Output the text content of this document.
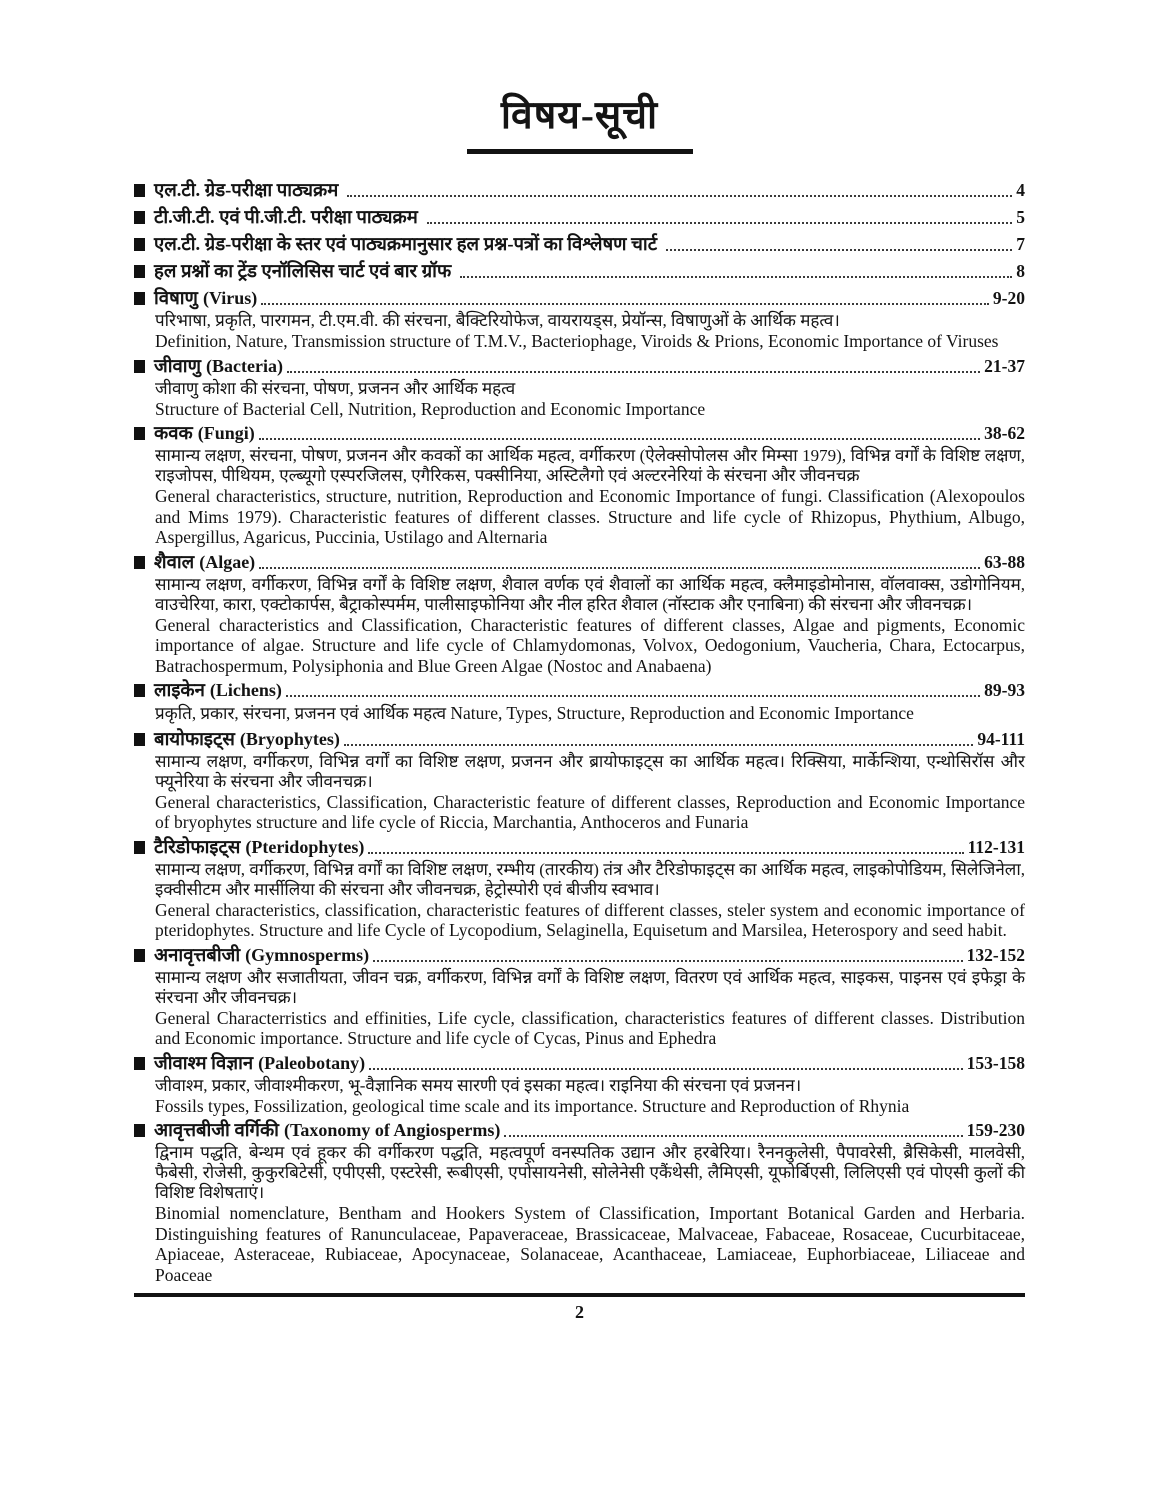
विषय-सूची
एल.टी. ग्रेड-परीक्षा पाठ्यक्रम	4
टी.जी.टी. एवं पी.जी.टी. परीक्षा पाठ्यक्रम	5
एल.टी. ग्रेड-परीक्षा के स्तर एवं पाठ्यक्रमानुसार हल प्रश्न-पत्रों का विश्लेषण चार्ट	7
हल प्रश्नों का ट्रेंड एनॉलिसिस चार्ट एवं बार ग्रॉफ	8
विषाणु (Virus)	9-20

परिभाषा, प्रकृति, पारगमन, टी.एम.वी. की संरचना, बैक्टिरियोफेज, वायरायड्स, प्रेयॉन्स, विषाणुओं के आर्थिक महत्व।

Definition, Nature, Transmission structure of T.M.V., Bacteriophage, Viroids & Prions, Economic Importance of Viruses

जीवाणु (Bacteria)	21-37

जीवाणु कोशा की संरचना, पोषण, प्रजनन और आर्थिक महत्व

Structure of Bacterial Cell, Nutrition, Reproduction and Economic Importance

कवक (Fungi)	38-62

सामान्य लक्षण, संरचना, पोषण, प्रजनन और कवकों का आर्थिक महत्व, वर्गीकरण (ऐलेक्सोपोलस और मिम्सा 1979), विभिन्न वर्गों के विशिष्ट लक्षण, राइजोपस, पीथियम, एल्ब्यूगो एस्परजिलस, एगैरिकस, पक्सीनिया, अस्टिलैगो एवं अल्टरनेरियां के संरचना और जीवनचक्र

General characteristics, structure, nutrition, Reproduction and Economic Importance of fungi. Classification (Alexopoulos and Mims 1979). Characteristic features of different classes. Structure and life cycle of Rhizopus, Phythium, Albugo, Aspergillus, Agaricus, Puccinia, Ustilago and Alternaria

शैवाल (Algae)	63-88

सामान्य लक्षण, वर्गीकरण, विभिन्न वर्गों के विशिष्ट लक्षण, शैवाल वर्णक एवं शैवालों का आर्थिक महत्व, क्लैमाइडोमोनास, वॉलवाक्स, उडोगोनियम, वाउचेरिया, कारा, एक्टोकार्पस, बैट्राकोस्पर्मम, पालीसाइफोनिया और नील हरित शैवाल (नॉस्टाक और एनाबिना) की संरचना और जीवनचक्र।

General characteristics and Classification, Characteristic features of different classes, Algae and pigments, Economic importance of algae. Structure and life cycle of Chlamydomonas, Volvox, Oedogonium, Vaucheria, Chara, Ectocarpus, Batrachospermum, Polysiphonia and Blue Green Algae (Nostoc and Anabaena)

लाइकेन (Lichens)	89-93

प्रकृति, प्रकार, संरचना, प्रजनन एवं आर्थिक महत्व Nature, Types, Structure, Reproduction and Economic Importance

बायोफाइट्स (Bryophytes)	94-111

सामान्य लक्षण, वर्गीकरण, विभिन्न वर्गों का विशिष्ट लक्षण, प्रजनन और ब्रायोफाइट्स का आर्थिक महत्व। रिक्सिया, मार्केन्शिया, एन्थोसिरॉस और फ्यूनेरिया के संरचना और जीवनचक्र।

General characteristics, Classification, Characteristic feature of different classes, Reproduction and Economic Importance of bryophytes structure and life cycle of Riccia, Marchantia, Anthoceros and Funaria

टैरिडोफाइट्स (Pteridophytes)	112-131

सामान्य लक्षण, वर्गीकरण, विभिन्न वर्गों का विशिष्ट लक्षण, रम्भीय (तारकीय) तंत्र और टैरिडोफाइट्स का आर्थिक महत्व, लाइकोपोडियम, सिलेजिनेला, इक्वीसीटम और मार्सीलिया की संरचना और जीवनचक्र, हेट्रोस्पोरी एवं बीजीय स्वभाव।

General characteristics, classification, characteristic features of different classes, steler system and economic importance of pteridophytes. Structure and life Cycle of Lycopodium, Selaginella, Equisetum and Marsilea, Heterospory and seed habit.

अनावृत्तबीजी (Gymnosperms)	132-152

सामान्य लक्षण और सजातीयता, जीवन चक्र, वर्गीकरण, विभिन्न वर्गों के विशिष्ट लक्षण, वितरण एवं आर्थिक महत्व, साइकस, पाइनस एवं इफेड्रा के संरचना और जीवनचक्र।

General Characterristics and effinities, Life cycle, classification, characteristics features of different classes. Distribution and Economic importance. Structure and life cycle of Cycas, Pinus and Ephedra

जीवाश्म विज्ञान (Paleobotany)	153-158

जीवाश्म, प्रकार, जीवाश्मीकरण, भू-वैज्ञानिक समय सारणी एवं इसका महत्व। राइनिया की संरचना एवं प्रजनन।

Fossils types, Fossilization, geological time scale and its importance. Structure and Reproduction of Rhynia

आवृत्तबीजी वर्गिकी (Taxonomy of Angiosperms)	159-230

द्विनाम पद्धति, बेन्थम एवं हूकर की वर्गीकरण पद्धति, महत्वपूर्ण वनस्पतिक उद्यान और हरबेरिया। रैननकुलेसी, पैपावरेसी, ब्रैसिकेसी, मालवेसी, फैबेसी, रोजेसी, कुकुरबिटेसी, एपीएसी, एस्टरेसी, रूबीएसी, एपोसायनेसी, सोलेनेसी एकैंथेसी, लैमिएसी, यूफोर्बिएसी, लिलिएसी एवं पोएसी कुलों की विशिष्ट विशेषताएं।

Binomial nomenclature, Bentham and Hookers System of Classification, Important Botanical Garden and Herbaria. Distinguishing features of Ranunculaceae, Papaveraceae, Brassicaceae, Malvaceae, Fabaceae, Rosaceae, Cucurbitaceae, Apiaceae, Asteraceae, Rubiaceae, Apocynaceae, Solanaceae, Acanthaceae, Lamiaceae, Euphorbiaceae, Liliaceae and Poaceae

2
